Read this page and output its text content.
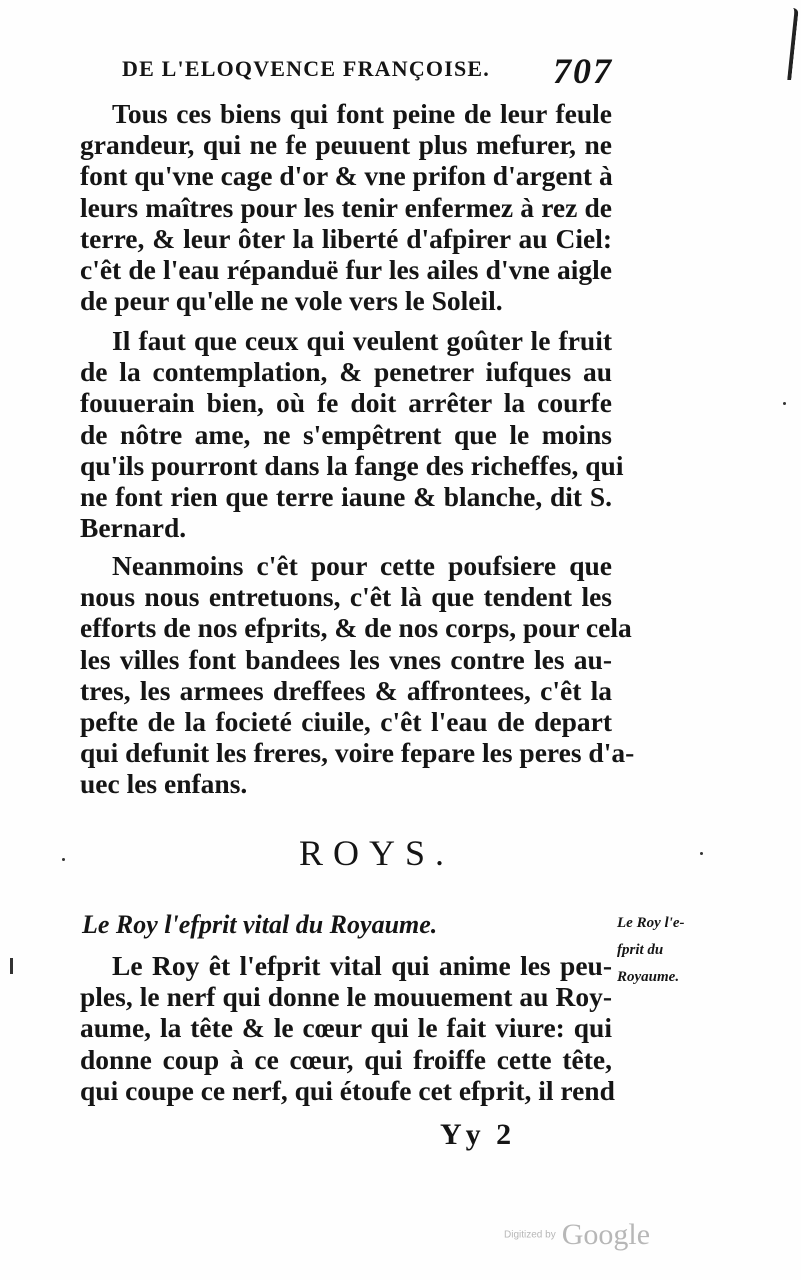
DE L'ELOQVENCE FRANÇOISE.	707
Tous ces biens qui font peine de leur feule
grandeur, qui ne fe peuuent plus mefurer, ne
font qu'vne cage d'or & vne prifon d'argent à
leurs maîtres pour les tenir enfermez à rez de
terre, & leur ôter la liberté d'afpirer au Ciel:
c'êt de l'eau répanduë fur les ailes d'vne aigle
de peur qu'elle ne vole vers le Soleil.
Il faut que ceux qui veulent goûter le fruit
de la contemplation, & penetrer iufques au
fouuerain bien, où fe doit arrêter la courfe
de nôtre ame, ne s'empêtrent que le moins
qu'ils pourront dans la fange des richeffes, qui
ne font rien que terre iaune & blanche, dit S.
Bernard.
Neanmoins c'êt pour cette poufsiere que
nous nous entretuons, c'êt là que tendent les
efforts de nos efprits, & de nos corps, pour cela
les villes font bandees les vnes contre les au-
tres, les armees dreffees & affrontees, c'êt la
pefte de la focieté ciuile, c'êt l'eau de depart
qui defunit les freres, voire fepare les peres d'a-
uec les enfans.
ROYS.
Le Roy l'efprit vital du Royaume.	Le Roy l'e-
fprit du
Royaume.
Le Roy êt l'efprit vital qui anime les peu-
ples, le nerf qui donne le mouuement au Roy-
aume, la tête & le cœur qui le fait viure: qui
donne coup à ce cœur, qui froiffe cette tête,
qui coupe ce nerf, qui étoufe cet efprit, il rend
Yy 2
Digitized by Google
